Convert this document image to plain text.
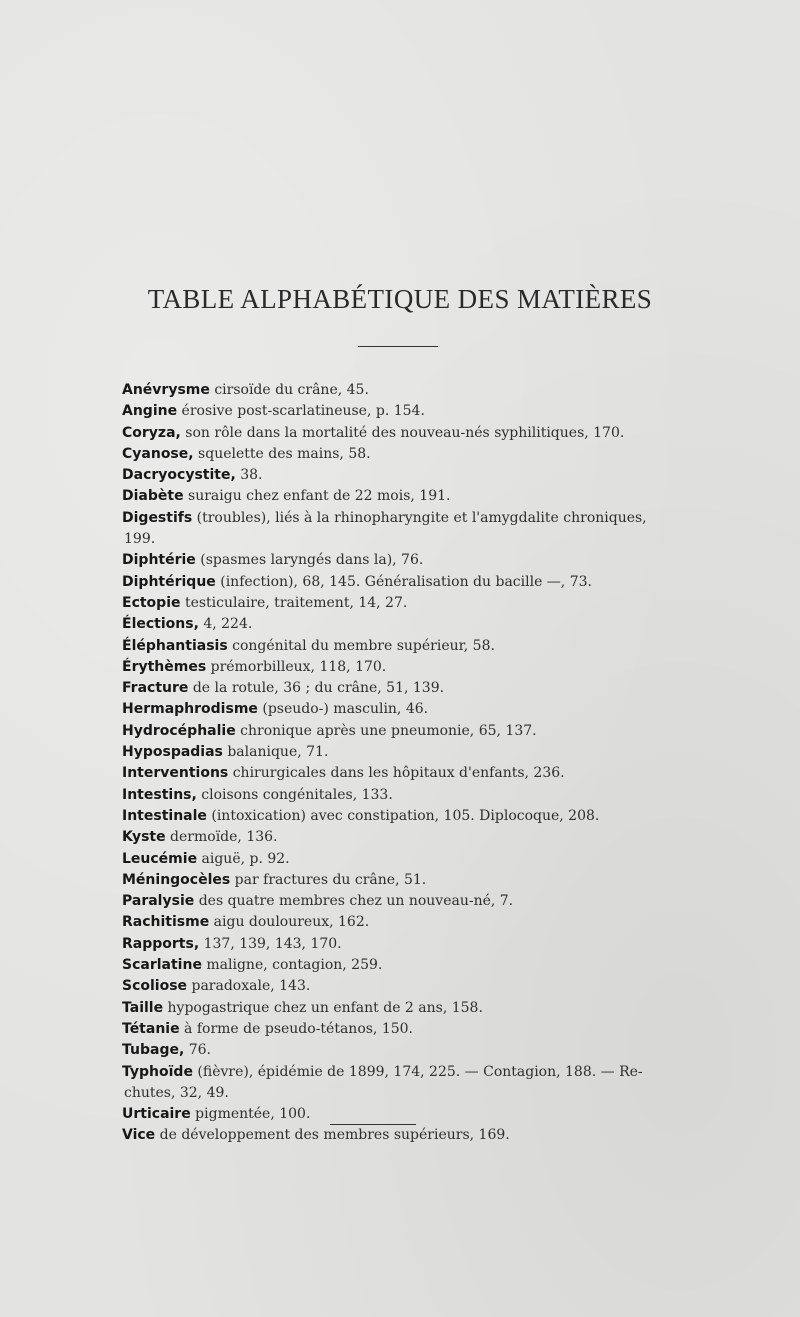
TABLE ALPHABÉTIQUE DES MATIÈRES
Anévrysme cirsoïde du crâne, 45.
Angine érosive post-scarlatineuse, p. 154.
Coryza, son rôle dans la mortalité des nouveau-nés syphilitiques, 170.
Cyanose, squelette des mains, 58.
Dacryocystite, 38.
Diabète suraigu chez enfant de 22 mois, 191.
Digestifs (troubles), liés à la rhinopharyngite et l'amygdalite chroniques,
199.
Diphtérie (spasmes laryngés dans la), 76.
Diphtérique (infection), 68, 145. Généralisation du bacille —, 73.
Ectopie testiculaire, traitement, 14, 27.
Élections, 4, 224.
Éléphantiasis congénital du membre supérieur, 58.
Érythèmes prémorbilleux, 118, 170.
Fracture de la rotule, 36 ; du crâne, 51, 139.
Hermaphrodisme (pseudo-) masculin, 46.
Hydrocéphalie chronique après une pneumonie, 65, 137.
Hypospadias balanique, 71.
Interventions chirurgicales dans les hôpitaux d'enfants, 236.
Intestins, cloisons congénitales, 133.
Intestinale (intoxication) avec constipation, 105. Diplocoque, 208.
Kyste dermoïde, 136.
Leucémie aiguë, p. 92.
Méningocèles par fractures du crâne, 51.
Paralysie des quatre membres chez un nouveau-né, 7.
Rachitisme aigu douloureux, 162.
Rapports, 137, 139, 143, 170.
Scarlatine maligne, contagion, 259.
Scoliose paradoxale, 143.
Taille hypogastrique chez un enfant de 2 ans, 158.
Tétanie à forme de pseudo-tétanos, 150.
Tubage, 76.
Typhoïde (fièvre), épidémie de 1899, 174, 225. — Contagion, 188. — Re-
chutes, 32, 49.
Urticaire pigmentée, 100.
Vice de développement des membres supérieurs, 169.
